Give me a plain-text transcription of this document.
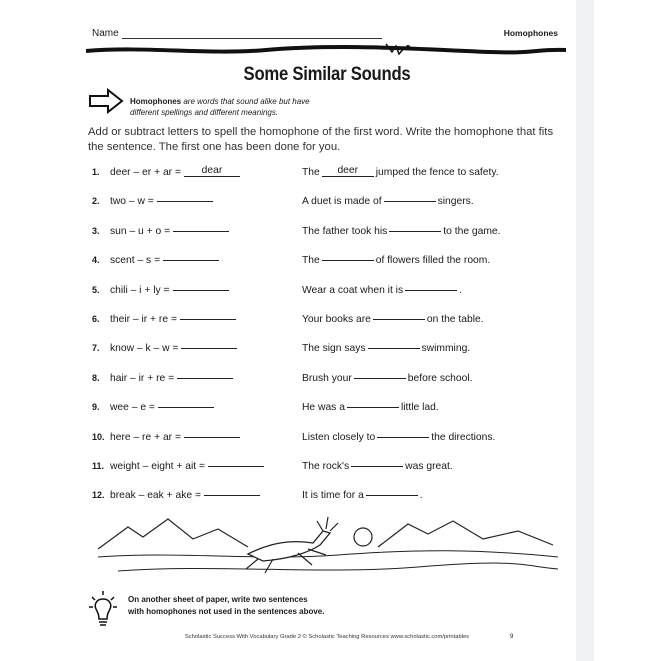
Name	Homophones
Some Similar Sounds
Homophones are words that sound alike but have
different spellings and different meanings.
Add or subtract letters to spell the homophone of the first word. Write the homophone that fits the sentence. The first one has been done for you.
1. deer – er + ar = dear	The deer jumped the fence to safety.
2. two – w =	A duet is made of	singers.
3. sun – u + o =	The father took his	to the game.
4. scent – s =	The	of flowers filled the room.
5. chili – i + ly =	Wear a coat when it is	.
6. their – ir + re =	Your books are	on the table.
7. know – k – w =	The sign says	swimming.
8. hair – ir + re =	Brush your	before school.
9. wee – e =	He was a	little lad.
10. here – re + ar =	Listen closely to	the directions.
11. weight – eight + ait =	The rock's	was great.
12. break – eak + ake =	It is time for a	.
On another sheet of paper, write two sentences
with homophones not used in the sentences above.
Scholastic Success With Vocabulary Grade 2 © Scholastic Teaching Resources www.scholastic.com/printables	9
